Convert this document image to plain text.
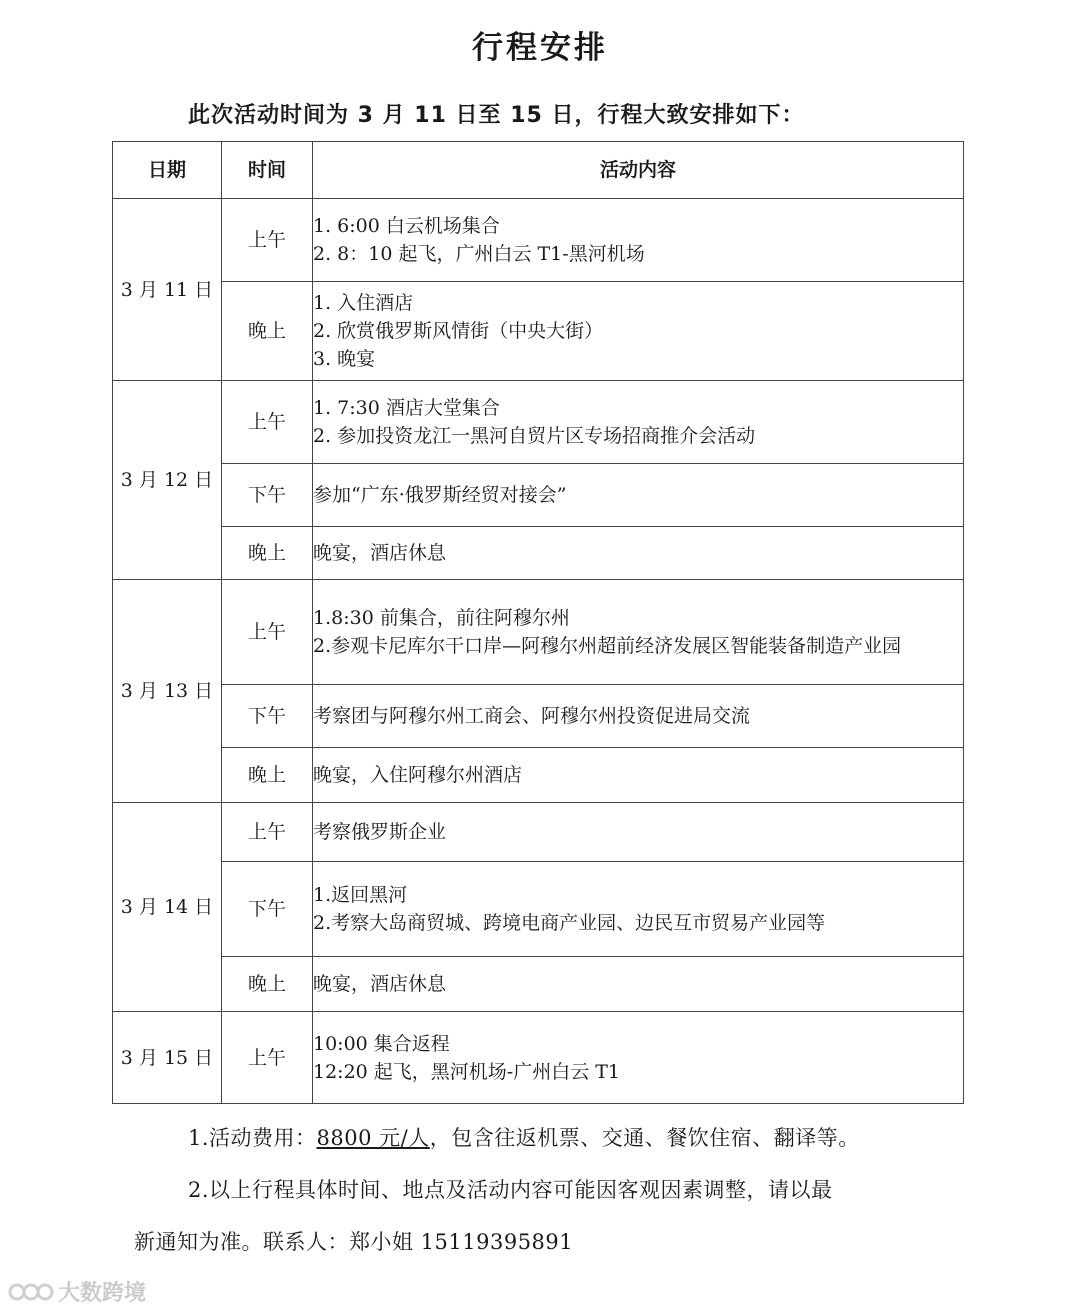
行程安排

此次活动时间为 3 月 11 日至 15 日，行程大致安排如下：

日期	时间	活动内容
3 月 11 日	上午	1. 6:00 白云机场集合
2. 8：10 起飞，广州白云 T1-黑河机场

	晚上	1. 入住酒店
2. 欣赏俄罗斯风情街（中央大街）
3. 晚宴

3 月 12 日	上午	1. 7:30 酒店大堂集合
2. 参加投资龙江一黑河自贸片区专场招商推介会活动

	下午	参加“广东·俄罗斯经贸对接会”

	晚上	晚宴，酒店休息

3 月 13 日	上午	1.8:30 前集合，前往阿穆尔州
2.参观卡尼库尔干口岸—阿穆尔州超前经济发展区智能装备制造产业园

	下午	考察团与阿穆尔州工商会、阿穆尔州投资促进局交流

	晚上	晚宴，入住阿穆尔州酒店

3 月 14 日	上午	考察俄罗斯企业

	下午	1.返回黑河
2.考察大岛商贸城、跨境电商产业园、边民互市贸易产业园等

	晚上	晚宴，酒店休息

3 月 15 日	上午	10:00 集合返程
12:20 起飞，黑河机场-广州白云 T1

1.活动费用：8800 元/人，包含往返机票、交通、餐饮住宿、翻译等。

2.以上行程具体时间、地点及活动内容可能因客观因素调整，请以最

新通知为准。联系人：郑小姐 15119395891

大数跨境
